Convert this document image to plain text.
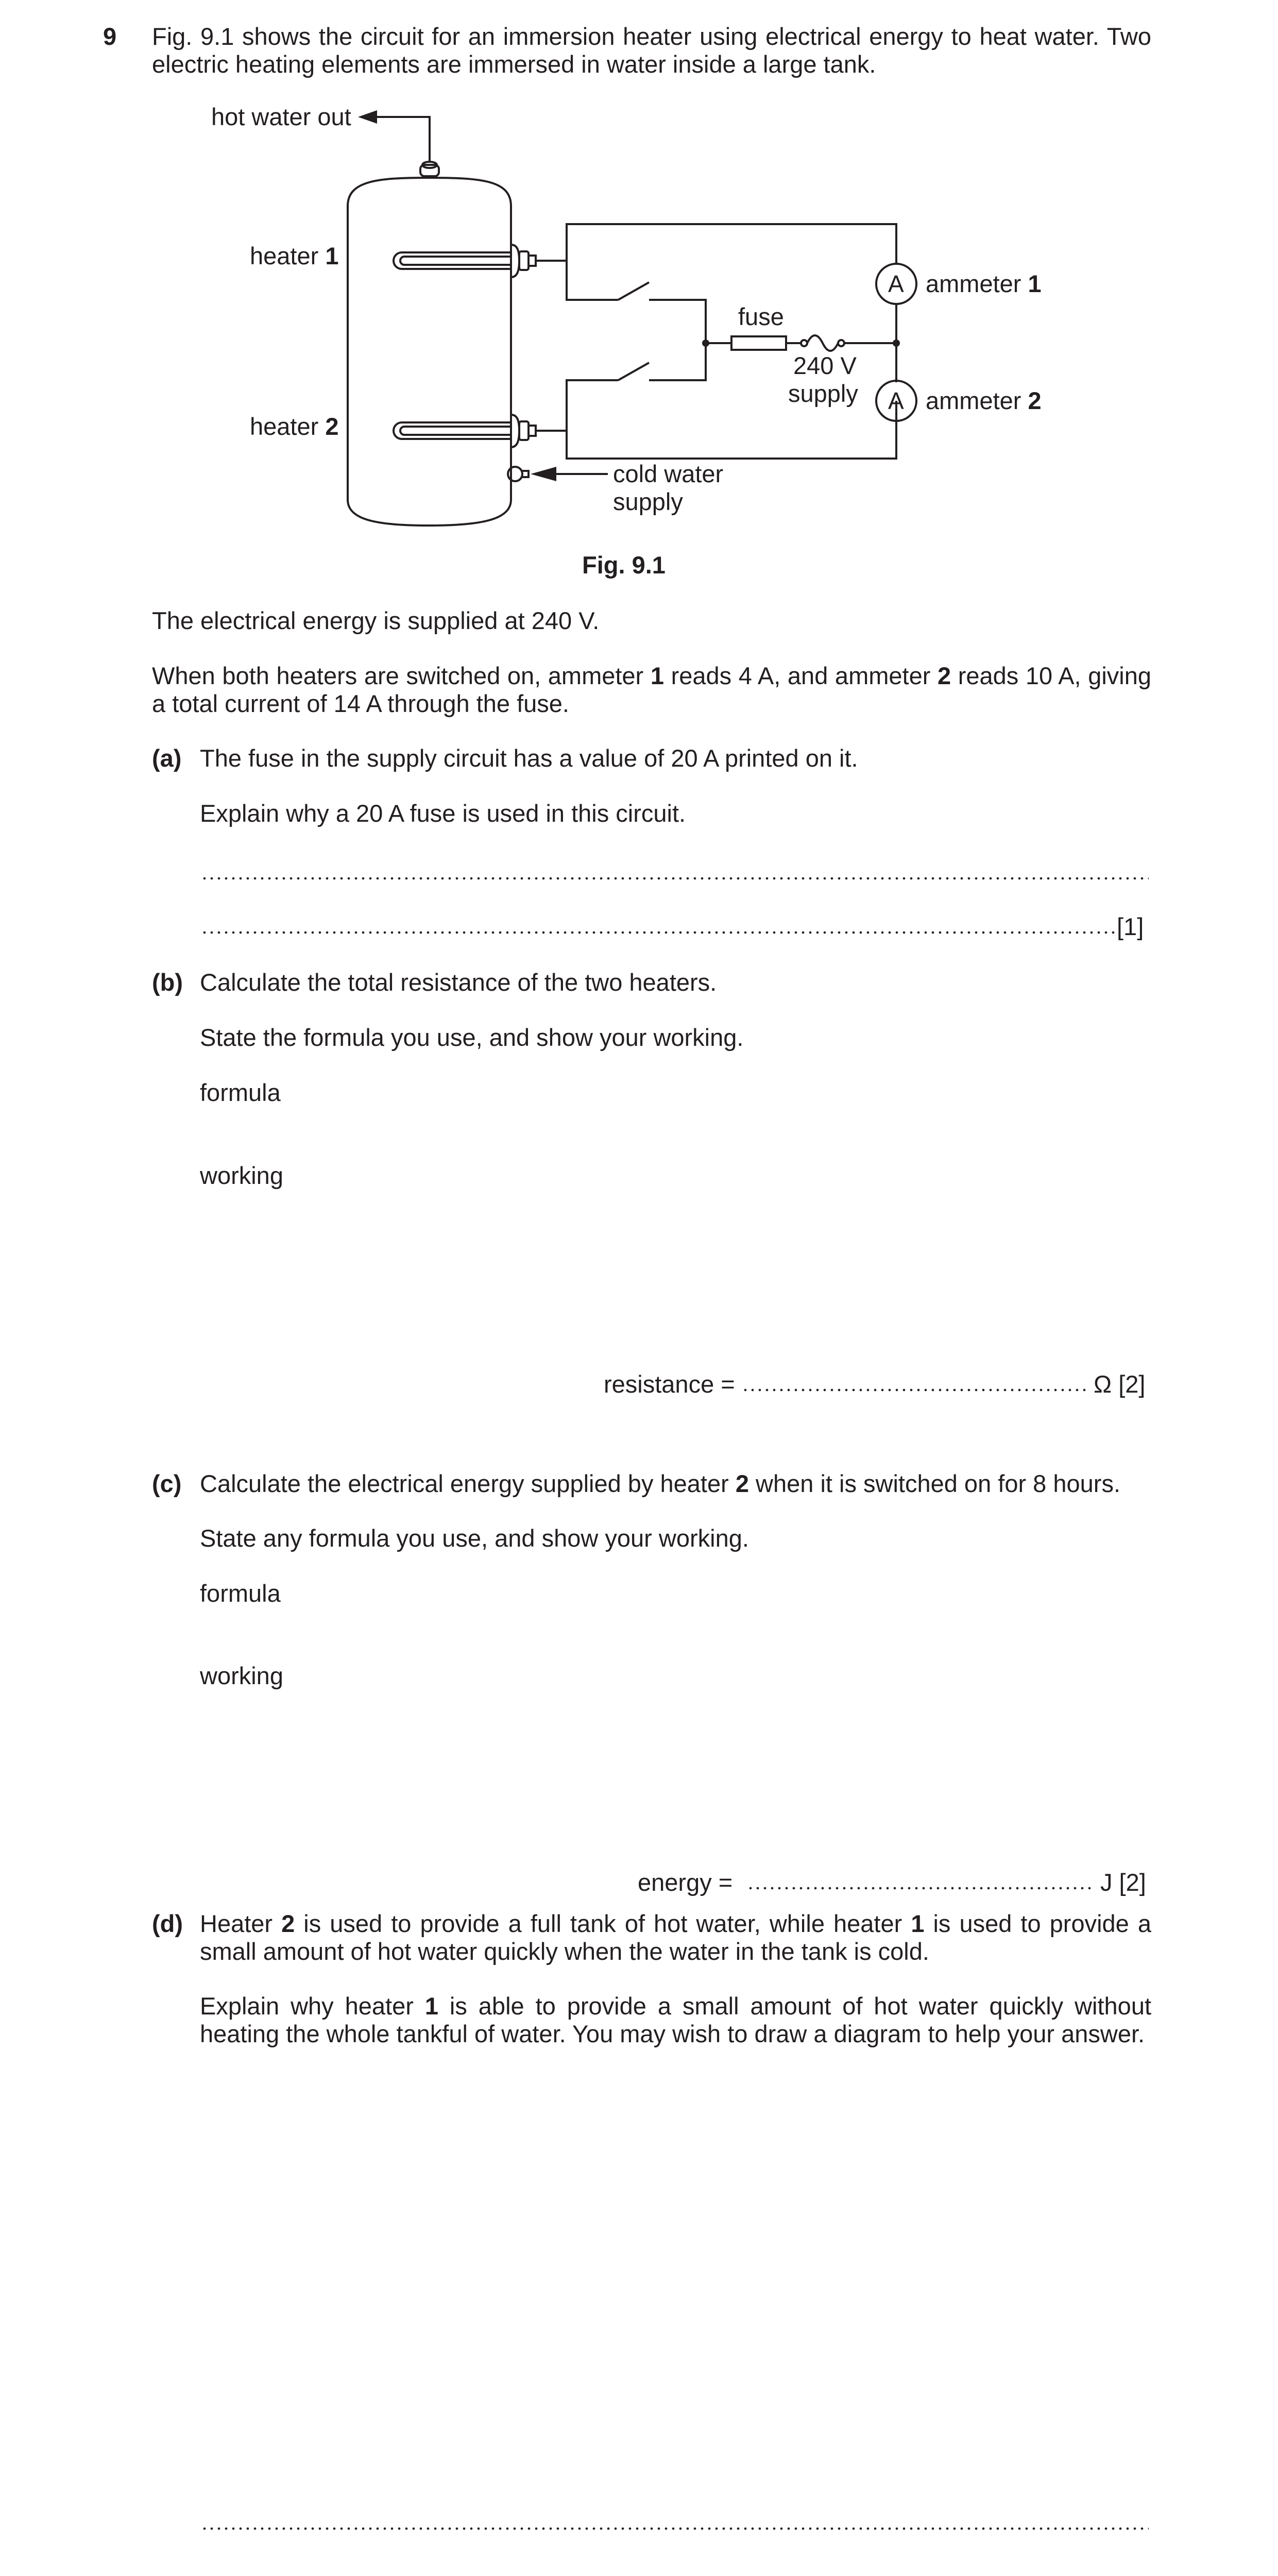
9 Fig. 9.1 shows the circuit for an immersion heater using electrical energy to heat water. Two electric heating elements are immersed in water inside a large tank.
hot water out
heater 1
heater 2
fuse
240 V
supply
A
A
ammeter 1
ammeter 2
cold water
supply
Fig. 9.1
The electrical energy is supplied at 240 V.
When both heaters are switched on, ammeter 1 reads 4 A, and ammeter 2 reads 10 A, giving a total current of 14 A through the fuse.
(a) The fuse in the supply circuit has a value of 20 A printed on it.
Explain why a 20 A fuse is used in this circuit.
[1]
(b) Calculate the total resistance of the two heaters.
State the formula you use, and show your working.
formula
working
resistance =	Ω [2]
(c) Calculate the electrical energy supplied by heater 2 when it is switched on for 8 hours.
State any formula you use, and show your working.
formula
working
energy =	J [2]
(d) Heater 2 is used to provide a full tank of hot water, while heater 1 is used to provide a small amount of hot water quickly when the water in the tank is cold.
Explain why heater 1 is able to provide a small amount of hot water quickly without heating the whole tankful of water. You may wish to draw a diagram to help your answer.
